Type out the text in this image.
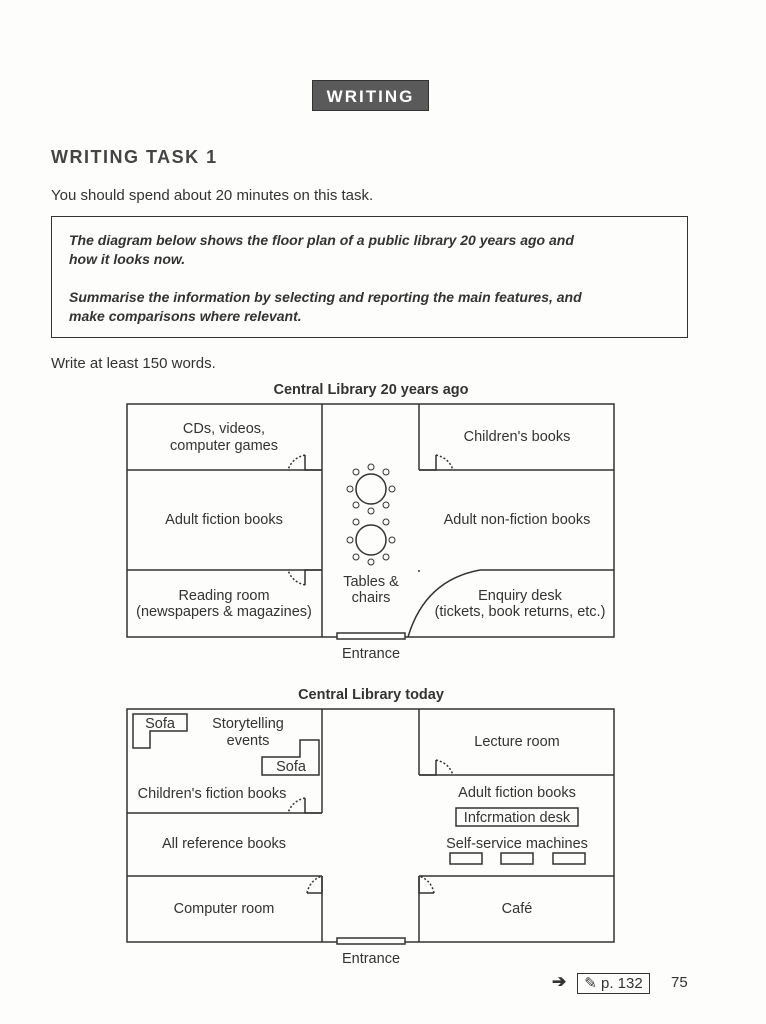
WRITING
WRITING TASK 1
You should spend about 20 minutes on this task.

The diagram below shows the floor plan of a public library 20 years ago and

how it looks now.

Summarise the information by selecting and reporting the main features, and

make comparisons where relevant.

Write at least 150 words.
Central Library 20 years ago
CDs, videos,
computer games
Children's books
Adult fiction books	Adult non-fiction books
Reading room
(newspapers & magazines)
Tables &
chairs	Enquiry desk
(tickets, book returns, etc.)
Entrance
Central Library today
Sofa	Storytelling
events
Sofa
Children's fiction books
Lecture room
Adult fiction books
Infcrmation desk
Self-service machines
All reference books
Computer room	Café
Entrance
➔	✎ p. 132	75
